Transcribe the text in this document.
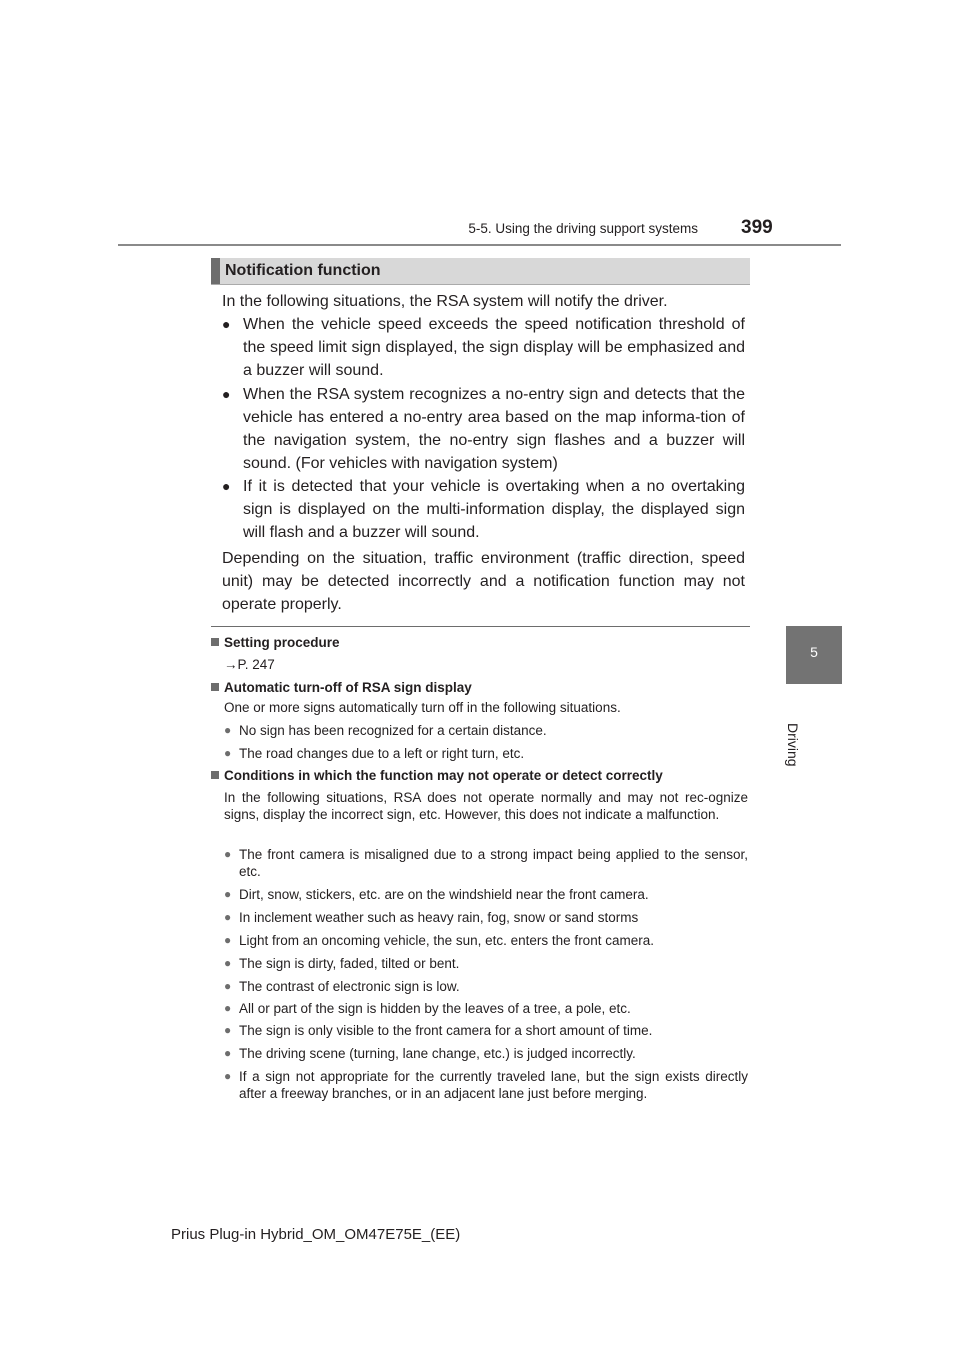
5-5. Using the driving support systems 399
5
Driving
Notification function
In the following situations, the RSA system will notify the driver.
● When the vehicle speed exceeds the speed notification threshold of the speed limit sign displayed, the sign display will be emphasized and a buzzer will sound.
● When the RSA system recognizes a no-entry sign and detects that the vehicle has entered a no-entry area based on the map informa-tion of the navigation system, the no-entry sign flashes and a buzzer will sound. (For vehicles with navigation system)
● If it is detected that your vehicle is overtaking when a no overtaking sign is displayed on the multi-information display, the displayed sign will flash and a buzzer will sound.
Depending on the situation, traffic environment (traffic direction, speed unit) may be detected incorrectly and a notification function may not operate properly.
Setting procedure
→P. 247
Automatic turn-off of RSA sign display
One or more signs automatically turn off in the following situations.
● No sign has been recognized for a certain distance.
● The road changes due to a left or right turn, etc.
Conditions in which the function may not operate or detect correctly
In the following situations, RSA does not operate normally and may not rec-ognize signs, display the incorrect sign, etc. However, this does not indicate a malfunction.
● The front camera is misaligned due to a strong impact being applied to the sensor, etc.
● Dirt, snow, stickers, etc. are on the windshield near the front camera.
● In inclement weather such as heavy rain, fog, snow or sand storms
● Light from an oncoming vehicle, the sun, etc. enters the front camera.
● The sign is dirty, faded, tilted or bent.
● The contrast of electronic sign is low.
● All or part of the sign is hidden by the leaves of a tree, a pole, etc.
● The sign is only visible to the front camera for a short amount of time.
● The driving scene (turning, lane change, etc.) is judged incorrectly.
● If a sign not appropriate for the currently traveled lane, but the sign exists directly after a freeway branches, or in an adjacent lane just before merging.
Prius Plug-in Hybrid_OM_OM47E75E_(EE)
